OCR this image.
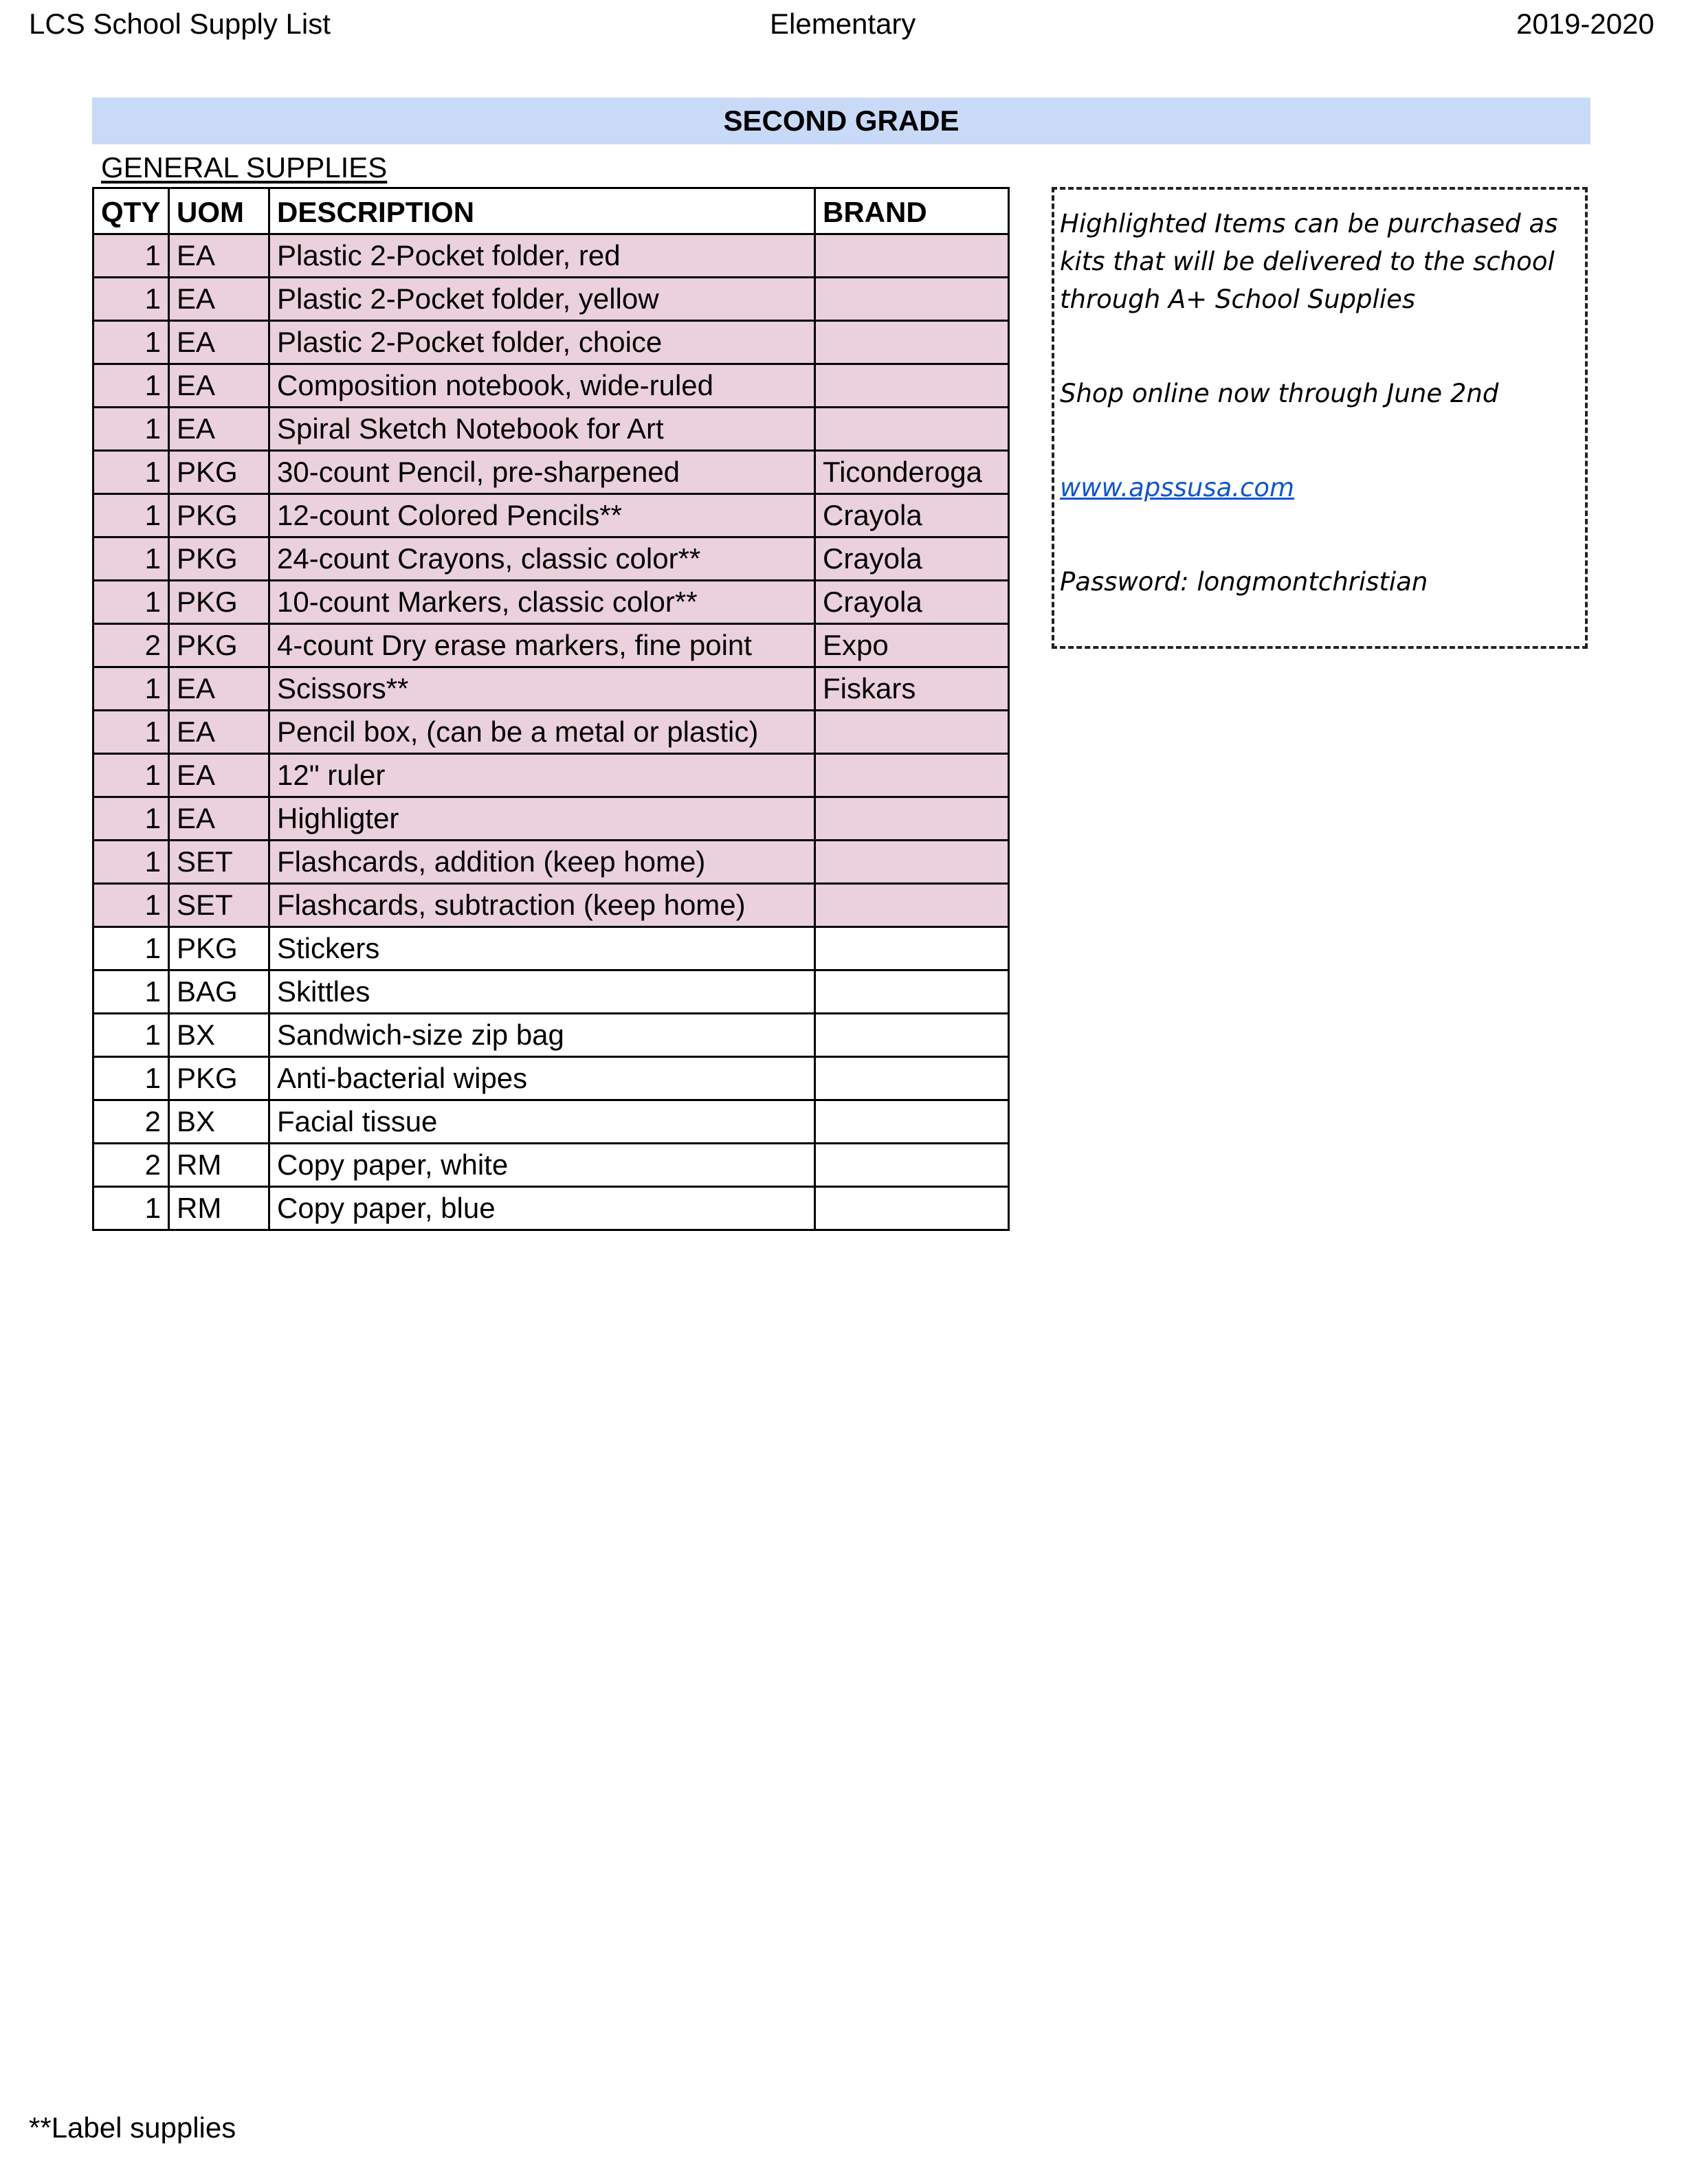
LCS School Supply List	Elementary	2019-2020
SECOND GRADE
GENERAL SUPPLIES
QTY	UOM	DESCRIPTION	BRAND
1	EA	Plastic 2-Pocket folder, red	
1	EA	Plastic 2-Pocket folder, yellow	
1	EA	Plastic 2-Pocket folder, choice	
1	EA	Composition notebook, wide-ruled	
1	EA	Spiral Sketch Notebook for Art	
1	PKG	30-count Pencil, pre-sharpened	Ticonderoga
1	PKG	12-count Colored Pencils**	Crayola
1	PKG	24-count Crayons, classic color**	Crayola
1	PKG	10-count Markers, classic color**	Crayola
2	PKG	4-count Dry erase markers, fine point	Expo
1	EA	Scissors**	Fiskars
1	EA	Pencil box, (can be a metal or plastic)	
1	EA	12" ruler	
1	EA	Highligter	
1	SET	Flashcards, addition (keep home)	
1	SET	Flashcards, subtraction (keep home)	
1	PKG	Stickers	
1	BAG	Skittles	
1	BX	Sandwich-size zip bag	
1	PKG	Anti-bacterial wipes	
2	BX	Facial tissue	
2	RM	Copy paper, white	
1	RM	Copy paper, blue	

Highlighted Items can be purchased as

kits that will be delivered to the school

through A+ School Supplies

Shop online now through June 2nd

www.apssusa.com

Password: longmontchristian

**Label supplies
